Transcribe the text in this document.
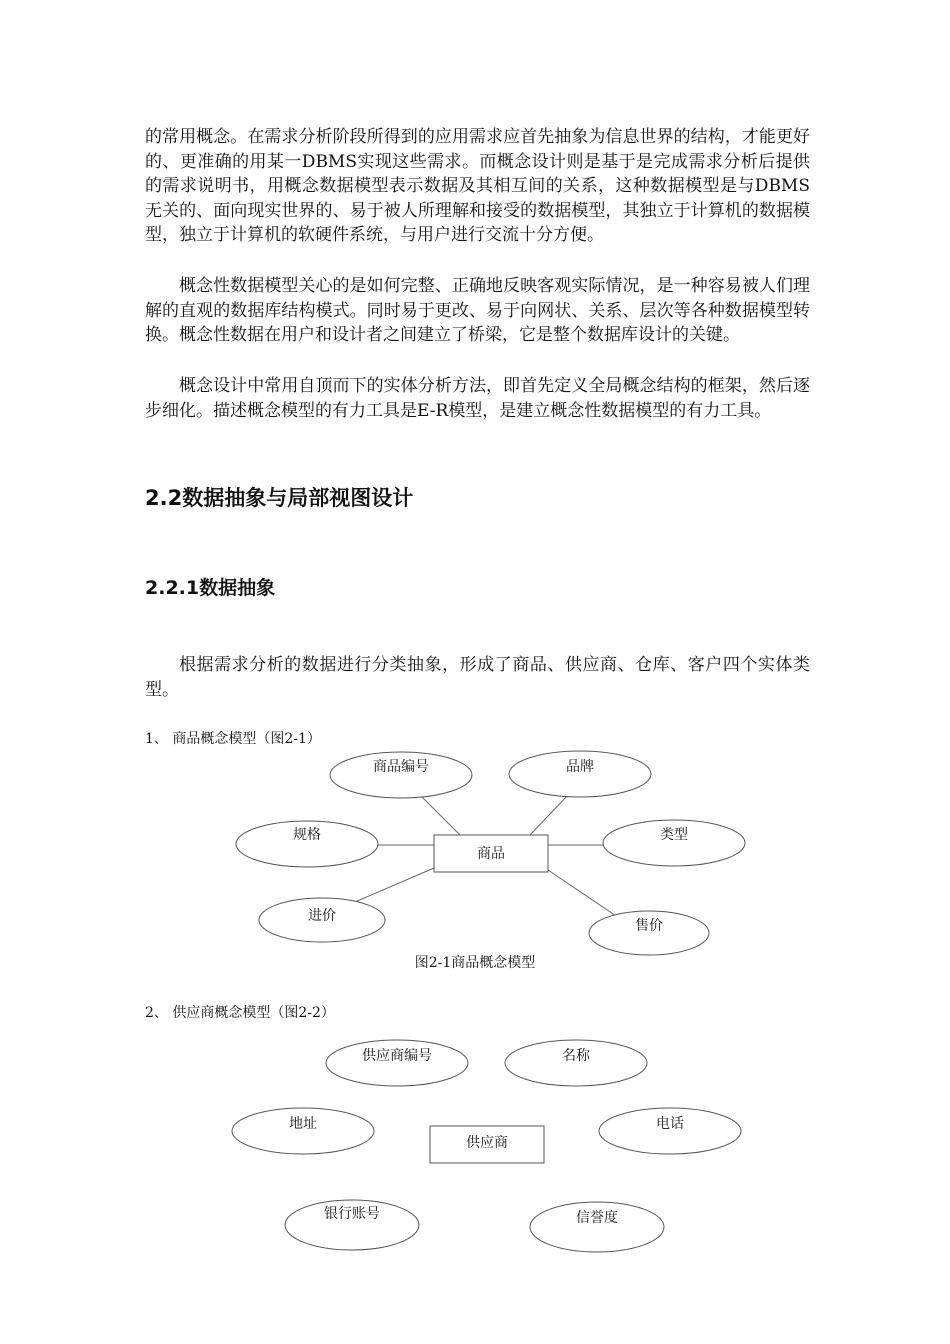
的常用概念。在需求分析阶段所得到的应用需求应首先抽象为信息世界的结构，才能更好的、更准确的用某一DBMS实现这些需求。而概念设计则是基于是完成需求分析后提供的需求说明书，用概念数据模型表示数据及其相互间的关系，这种数据模型是与DBMS无关的、面向现实世界的、易于被人所理解和接受的数据模型，其独立于计算机的数据模型，独立于计算机的软硬件系统，与用户进行交流十分方便。

概念性数据模型关心的是如何完整、正确地反映客观实际情况，是一种容易被人们理解的直观的数据库结构模式。同时易于更改、易于向网状、关系、层次等各种数据模型转换。概念性数据在用户和设计者之间建立了桥梁，它是整个数据库设计的关键。

概念设计中常用自顶而下的实体分析方法，即首先定义全局概念结构的框架，然后逐步细化。描述概念模型的有力工具是E-R模型，是建立概念性数据模型的有力工具。

2.2数据抽象与局部视图设计
2.2.1数据抽象

根据需求分析的数据进行分类抽象，形成了商品、供应商、仓库、客户四个实体类型。

1、 商品概念模型（图2-1）

商品
商品编号	品牌
规格	类型
进价
售价

图2-1商品概念模型

2、 供应商概念模型（图2-2）

供应商
供应商编号	名称
地址	电话
银行账号	信誉度
